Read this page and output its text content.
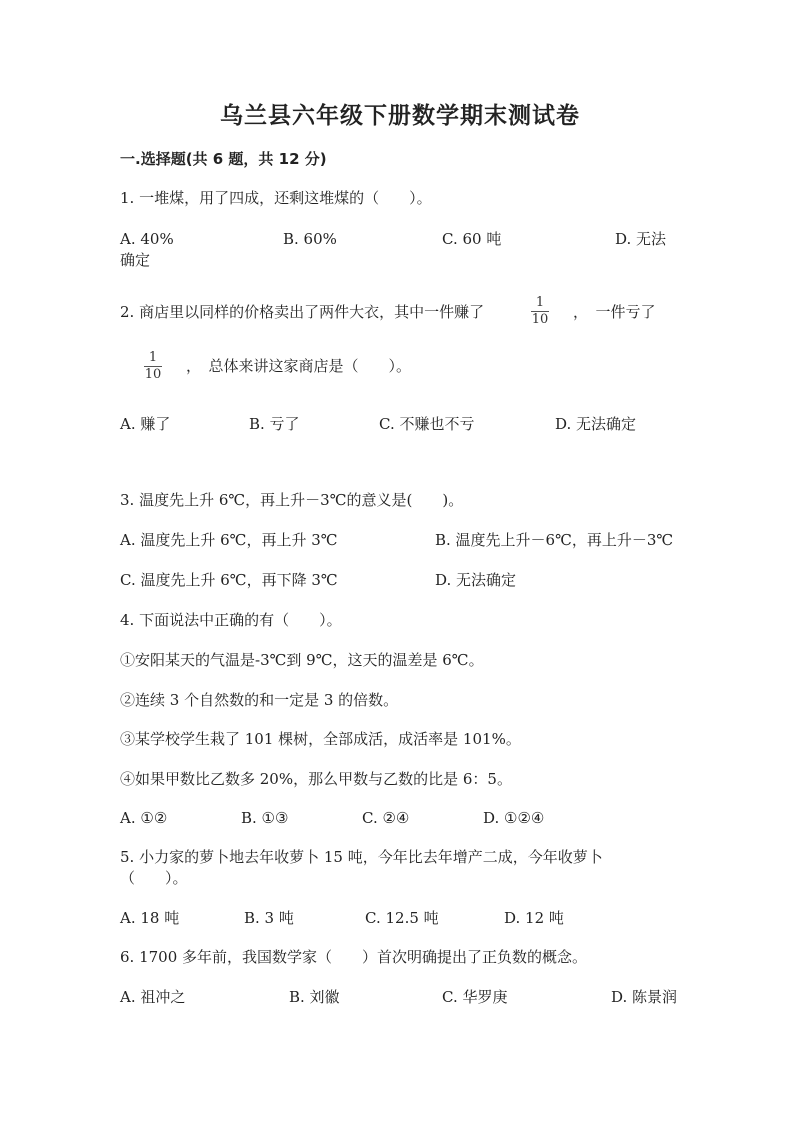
乌兰县六年级下册数学期末测试卷
一.选择题(共 6 题，共 12 分)
1. 一堆煤，用了四成，还剩这堆煤的（　　）。
A. 40%	B. 60%	C. 60 吨	D. 无法
确定
2. 商店里以同样的价格卖出了两件大衣，其中一件赚了
1
10 ，　一件亏了
1
10 ，　总体来讲这家商店是（　　）。
A. 赚了	B. 亏了	C. 不赚也不亏	D. 无法确定
3. 温度先上升 6℃，再上升－3℃的意义是(　　)。
A. 温度先上升 6℃，再上升 3℃	B. 温度先上升－6℃，再上升－3℃
C. 温度先上升 6℃，再下降 3℃	D. 无法确定
4. 下面说法中正确的有（　　）。
①安阳某天的气温是-3℃到 9℃，这天的温差是 6℃。
②连续 3 个自然数的和一定是 3 的倍数。
③某学校学生栽了 101 棵树，全部成活，成活率是 101%。
④如果甲数比乙数多 20%，那么甲数与乙数的比是 6：5。
A. ①②	B. ①③	C. ②④	D. ①②④
5. 小力家的萝卜地去年收萝卜 15 吨，今年比去年增产二成，今年收萝卜
（　　）。
A. 18 吨	B. 3 吨	C. 12.5 吨	D. 12 吨
6. 1700 多年前，我国数学家（　　）首次明确提出了正负数的概念。
A. 祖冲之	B. 刘徽	C. 华罗庚	D. 陈景润
